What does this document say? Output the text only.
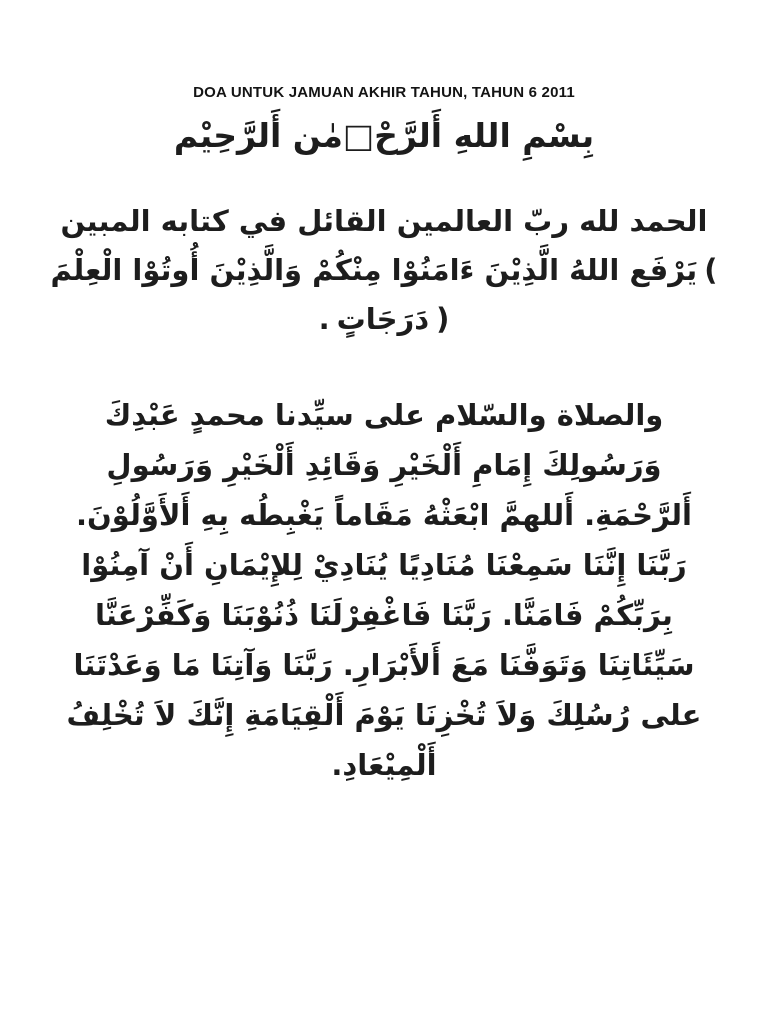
DOA UNTUK JAMUAN AKHIR TAHUN, TAHUN 6 2011
بِسْمِ اللهِ أَلرَّحْ□مٰن أَلرَّحِيْم
الحمد لله ربّ العالمين القائل في كتابه المبين
يَرْفَع اللهُ الَّذِيْنَ ءَامَنُوْا مِنْكُمْ وَالَّذِيْنَ أُوتُوْا الْعِلْمَ (
. دَرَجَاتٍ )
والصلاة والسّلام على سيِّدنا محمدٍ عَبْدِكَ
وَرَسُولِكَ إِمَامِ أَلْخَيْرِ وَقَائِدِ أَلْخَيْرِ وَرَسُولِ
أَلرَّحْمَةِ. أَللهمَّ ابْعَثْهُ مَقَاماً يَغْبِطُه بِهِ أَلأَوَّلُوْنَ.
رَبَّنَا إِنَّنَا سَمِعْنَا مُنَادِيًا يُنَادِيْ لِلإِيْمَانِ أَنْ آمِنُوْا
بِرَبِّكُمْ فَامَنَّا. رَبَّنَا فَاغْفِرْلَنَا ذُنُوْبَنَا وَكَفِّرْعَنَّا
سَيِّئَاتِنَا وَتَوَفَّنَا مَعَ أَلأَبْرَارِ. رَبَّنَا وَآتِنَا مَا وَعَدْتَنَا
على رُسُلِكَ وَلاَ تُخْزِنَا يَوْمَ أَلْقِيَامَةِ إِنَّكَ لاَ تُخْلِفُ
أَلْمِيْعَادِ.
